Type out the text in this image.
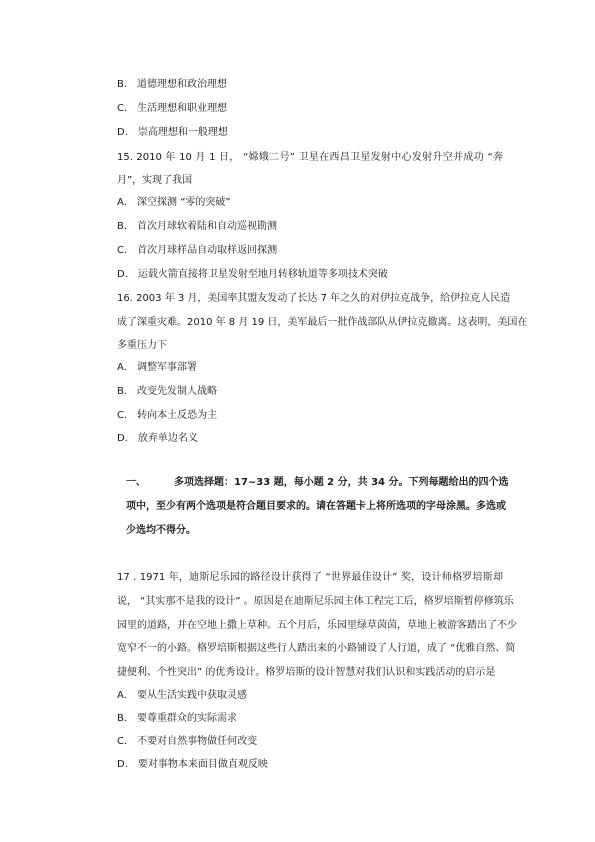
B． 道德理想和政治理想
C． 生活理想和职业理想
D． 崇高理想和一般理想
15. 2010 年 10 月 1 日， “嫦娥二号” 卫星在西昌卫星发射中心发射升空并成功 “奔
月”，实现了我国
A． 深空探测 “零的突破”
B． 首次月球软着陆和自动巡视勘测
C． 首次月球样品自动取样返回探测
D． 运载火箭直接将卫星发射至地月转移轨道等多项技术突破
16. 2003 年 3 月，美国率其盟友发动了长达 7 年之久的对伊拉克战争，给伊拉克人民造
成了深重灾难。2010 年 8 月 19 日，美军最后一批作战部队从伊拉克撤离。这表明，美国在
多重压力下
A． 调整军事部署
B． 改变先发制人战略
C． 转向本土反恐为主
D． 放弃单边名义
一、	多项选择题：17~33 题，每小题 2 分，共 34 分。下列每题给出的四个选
项中，至少有两个选项是符合题目要求的。请在答题卡上将所选项的字母涂黑。多选或
少选均不得分。
17 . 1971 年，迪斯尼乐园的路径设计获得了 “世界最佳设计” 奖，设计师格罗培斯却
说， “其实那不是我的设计” 。原因是在迪斯尼乐园主体工程完工后，格罗培斯暂停修筑乐
园里的道路，并在空地上撒上草种。五个月后，乐园里绿草茵茵，草地上被游客踏出了不少
宽窄不一的小路。格罗培斯根据这些行人踏出来的小路铺设了人行道，成了 “优雅自然、简
捷便利、个性突出” 的优秀设计。格罗培斯的设计智慧对我们认识和实践活动的启示是
A． 要从生活实践中获取灵感
B． 要尊重群众的实际需求
C． 不要对自然事物做任何改变
D． 要对事物本来面目做直观反映
